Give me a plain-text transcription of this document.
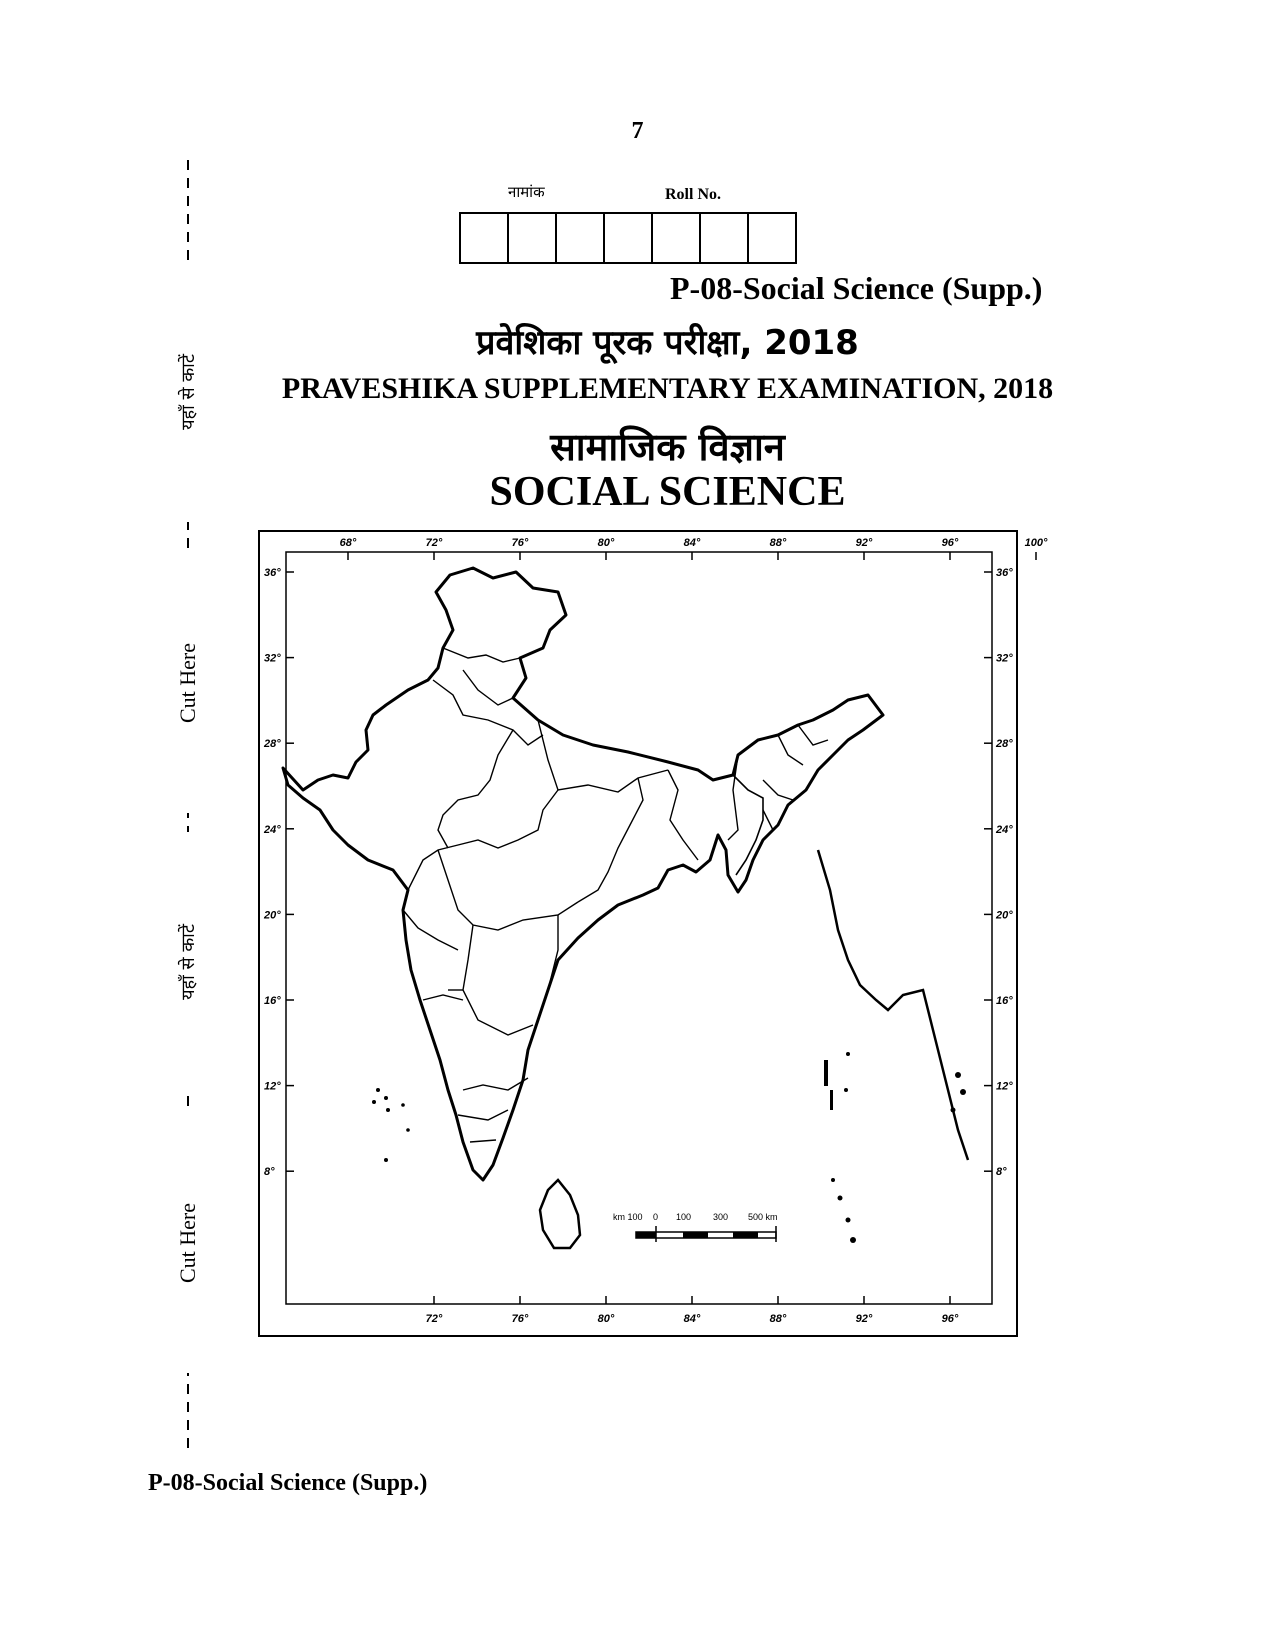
7
यहाँ से काटें
Cut Here
यहाँ से काटें
Cut Here
नामांक	Roll No.
P-08-Social Science (Supp.)
प्रवेशिका पूरक परीक्षा, 2018
PRAVESHIKA SUPPLEMENTARY EXAMINATION, 2018
सामाजिक विज्ञान
SOCIAL SCIENCE
68°	72°	76°	80°	84°	88°	92°	96°	100°
72°	76°	80°	84°	88°	92°	96°
36°
32°
28°
24°
20°
16°
12°
8°
36°
32°
28°
24°
20°
16°
12°
8°
km 100 0 100 300 500 km
P-08-Social Science (Supp.)
